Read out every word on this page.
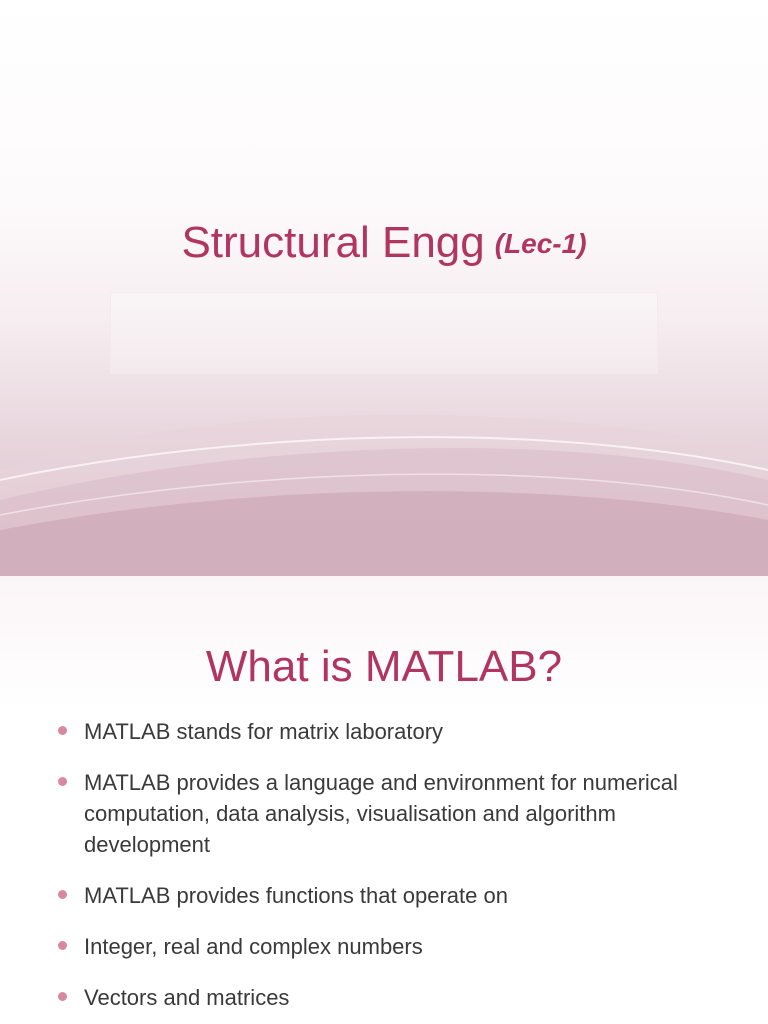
Structural Engg (Lec-1)
What is MATLAB?
MATLAB stands for matrix laboratory
MATLAB provides a language and environment for numerical computation, data analysis, visualisation and algorithm development
MATLAB provides functions that operate on
Integer, real and complex numbers
Vectors and matrices
